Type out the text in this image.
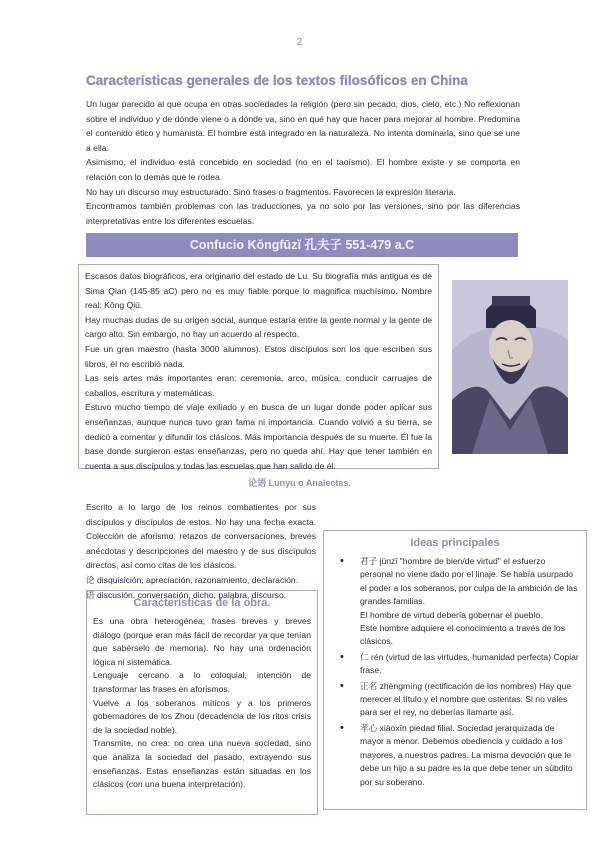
2
Características generales de los textos filosóficos en China

Un lugar parecido al que ocupa en otras sociedades la religión (pero sin pecado, dios, cielo, etc.) No reflexionan sobre el individuo y de dónde viene o a dónde va, sino en qué hay que hacer para mejorar al hombre. Predomina el contenido ético y humanista. El hombre está integrado en la naturaleza. No intenta dominarla, sino que se une a ella.

Asimismo, el individuo está concebido en sociedad (no en el taoísmo). El hombre existe y se comporta en relación con lo demás que le rodea.

No hay un discurso muy estructurado. Sino frases o fragmentos. Favorecen la expresión literaria.

Encontramos también problemas con las traducciones, ya no solo por las versiones, sino por las diferencias interpretativas entre los diferentes escuelas.

Confucio Kǒngfūzǐ 孔夫子 551-479 a.C

Escasos datos biográficos, era originario del estado de Lu. Su biografía más antigua es de Sima Qian (145-85 aC) pero no es muy fiable porque lo magnifica muchísimo. Nombre real: Kǒng Qiū.

Hay muchas dudas de su origen social, aunque estaría entre la gente normal y la gente de cargo alto. Sin embargo, no hay un acuerdo al respecto.

Fue un gran maestro (hasta 3000 alumnos). Estos discípulos son los que escriben sus libros, él no escribió nada.

Las seis artes más importantes eran: ceremonia, arco, música, conducir carruajes de caballos, escritura y matemáticas.

Estuvo mucho tiempo de viaje exiliado y en busca de un lugar donde poder aplicar sus enseñanzas, aunque nunca tuvo gran fama ni importancia. Cuando volvió a su tierra, se dedicó a comentar y difundir los clásicos. Más importancia después de su muerte. Él fue la base donde surgieron estas enseñanzas, pero no queda ahí. Hay que tener también en cuenta a sus discípulos y todas las escuelas que han salido de él.

论语 Lunyu o Analectas.

Escrito a lo largo de los reinos combatientes por sus discípulos y discípulos de estos. No hay una fecha exacta. Colección de aforismo, retazos de conversaciones, breves anécdotas y descripciones del maestro y de sus discípulos directos, así como citas de los clásicos.

论 disquisición, apreciación, razonamiento, declaración.

语 discusión, conversación, dicho, palabra, discurso.

Ideas principales

• 君子 jūnzǐ "hombre de bien/de virtud" el esfuerzo personal no viene dado por el linaje. Se había usurpado el poder a los soberanos, por culpa de la ambición de las grandes familias.

El hombre de virtud debería gobernar el pueblo.

Este hombre adquiere el conocimiento a través de los clásicos.

• 仁 rén (virtud de las virtudes, humanidad perfecta) Copiar frase.

• 正名 zhèngmíng (rectificación de los nombres) Hay que merecer el título y el nombre que ostentas. Si no vales para ser el rey, no deberías llamarte así.

• 孝心 xiàoxīn piedad filial. Sociedad jerarquizada de mayor a menor. Debemos obediencia y cuidado a los mayores, a nuestros padres. La misma devoción que le debe un hijo a su padre es la que debe tener un súbdito por su soberano.

Características de la obra.

Es una obra heterogénea, frases breves y breves diálogo (porque eran más fácil de recordar ya que tenían que sabérselo de memoria). No hay una ordenación lógica ni sistemática.

Lenguaje cercano a lo coloquial, intención de transformar las frases en aforismos.

Vuelve a los soberanos míticos y a los primeros gobernadores de los Zhou (decadencia de los ritos crisis de la sociedad noble).

Transmite, no crea: no crea una nueva sociedad, sino que analiza la sociedad del pasado, extrayendo sus enseñanzas. Estas enseñanzas están situadas en los clásicos (con una buena interpretación).
